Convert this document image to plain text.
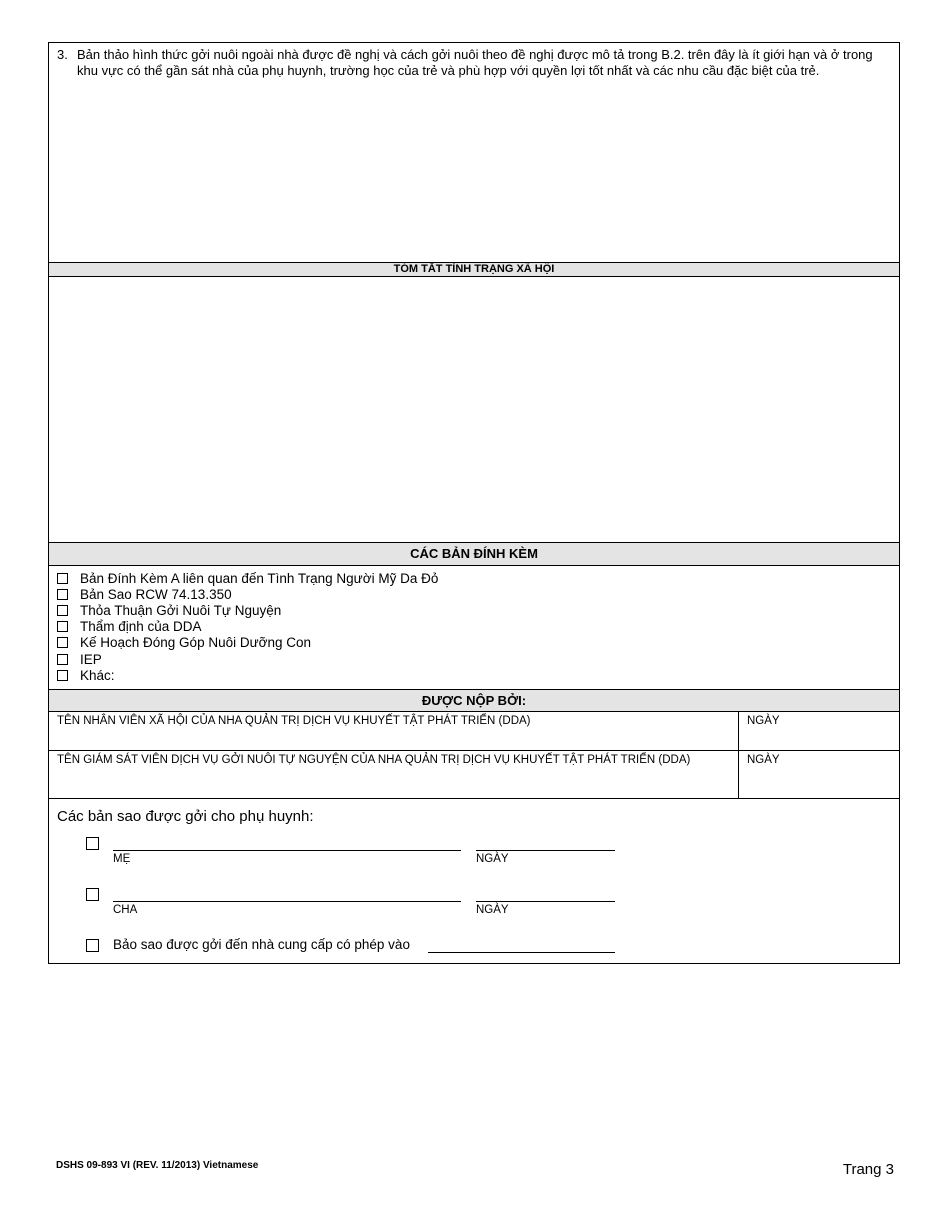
3. Bản thảo hình thức gởi nuôi ngoài nhà được đề nghị và cách gởi nuôi theo đề nghị được mô tả trong B.2. trên đây là ít giới hạn và ở trong khu vực có thể gần sát nhà của phụ huynh, trường học của trẻ và phù hợp với quyền lợi tốt nhất và các nhu cầu đặc biệt của trẻ.
TÓM TẮT TÌNH TRẠNG XÃ HỘI
CÁC BẢN ĐÍNH KÈM
Bản Đính Kèm A liên quan đến Tình Trạng Người Mỹ Da Đỏ
Bản Sao RCW 74.13.350
Thỏa Thuận Gởi Nuôi Tự Nguyện
Thẩm định của DDA
Kế Hoạch Đóng Góp Nuôi Dưỡng Con
IEP
Khác:
ĐƯỢC NỘP BỞI:
TÊN NHÂN VIÊN XÃ HỘI CỦA NHA QUẢN TRỊ DỊCH VỤ KHUYẾT TẬT PHÁT TRIỂN (DDA)	NGÀY
TÊN GIÁM SÁT VIÊN DỊCH VỤ GỞI NUÔI TỰ NGUYỆN CỦA NHA QUẢN TRỊ DỊCH VỤ KHUYẾT TẬT PHÁT TRIỂN (DDA)	NGÀY
Các bản sao được gởi cho phụ huynh:
MẸ	NGÀY
CHA	NGÀY
Bảo sao được gởi đến nhà cung cấp có phép vào
DSHS 09-893 VI (REV. 11/2013) Vietnamese	Trang 3
